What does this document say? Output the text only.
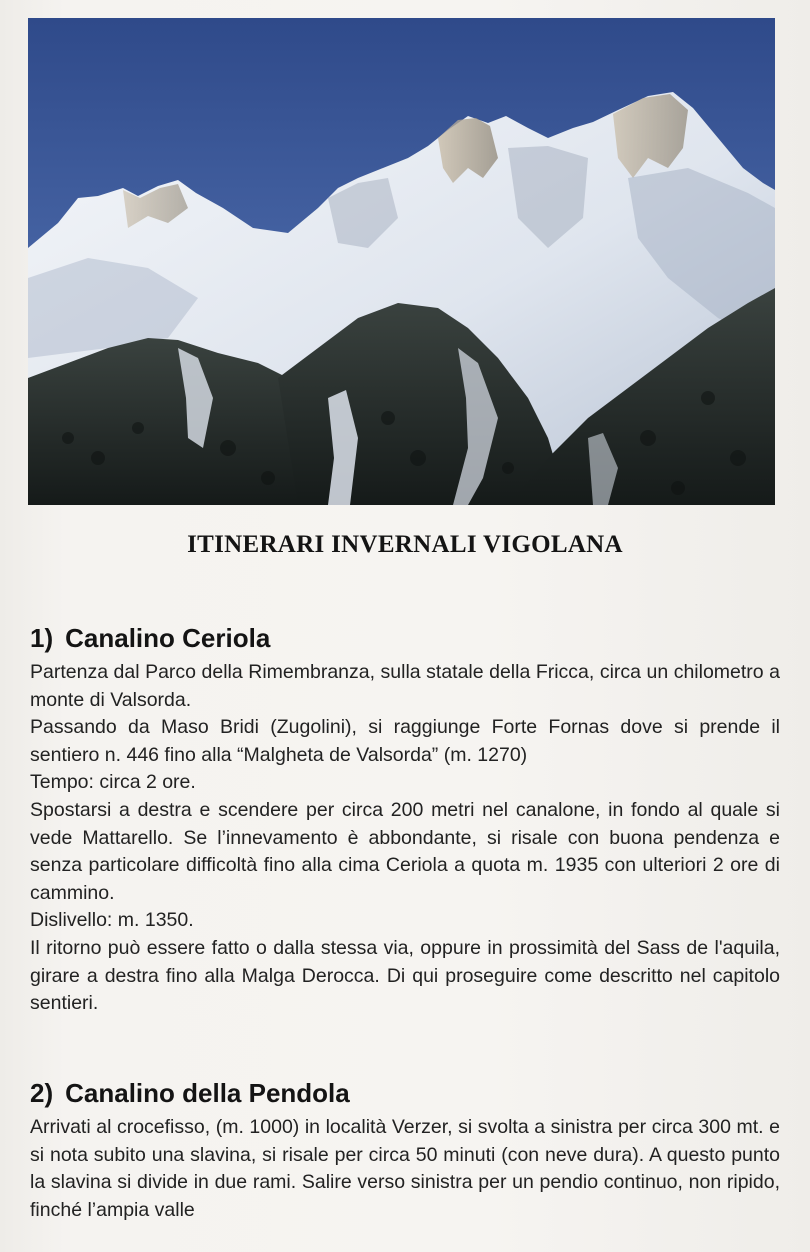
ITINERARI INVERNALI VIGOLANA
1) Canalino Ceriola

Partenza dal Parco della Rimembranza, sulla statale della Fricca, circa un chilometro a monte di Valsorda.

Passando da Maso Bridi (Zugolini), si raggiunge Forte Fornas dove si prende il sentiero n. 446 fino alla “Malgheta de Valsorda” (m. 1270)

Tempo: circa 2 ore.

Spostarsi a destra e scendere per circa 200 metri nel canalone, in fondo al quale si vede Mattarello. Se l’innevamento è abbondante, si risale con buona pendenza e senza particolare difficoltà fino alla cima Ceriola a quota m. 1935 con ulteriori 2 ore di cammino.

Dislivello: m. 1350.

Il ritorno può essere fatto o dalla stessa via, oppure in prossimità del Sass de l'aquila, girare a destra fino alla Malga Derocca. Di qui proseguire come descritto nel capitolo sentieri.

2) Canalino della Pendola

Arrivati al crocefisso, (m. 1000) in località Verzer, si svolta a sinistra per circa 300 mt. e si nota subito una slavina, si risale per circa 50 minuti (con neve dura). A questo punto la slavina si divide in due rami. Salire verso sinistra per un pendio continuo, non ripido, finché l’ampia valle
